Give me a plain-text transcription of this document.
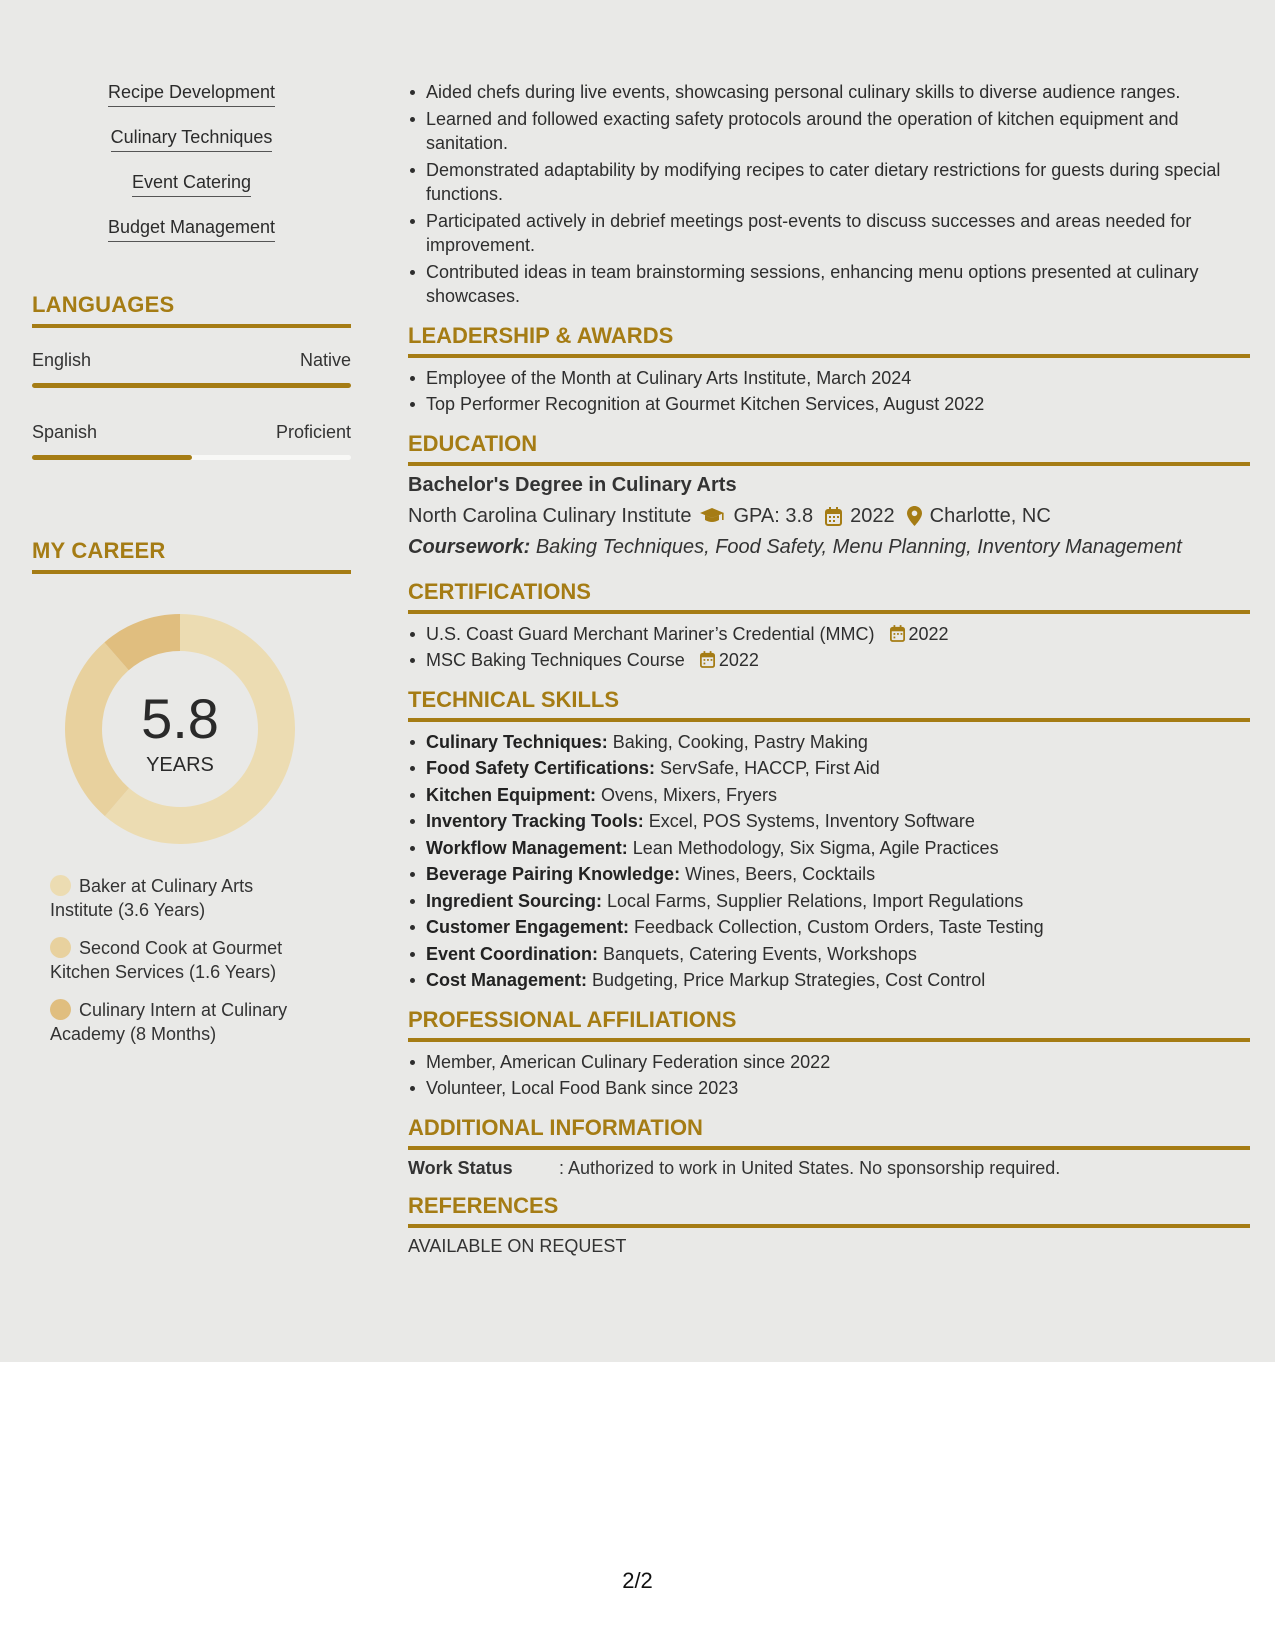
Recipe Development
Culinary Techniques
Event Catering
Budget Management
LANGUAGES
English	Native
Spanish	Proficient
MY CAREER
5.8
YEARS
Baker at Culinary Arts Institute (3.6 Years)
Second Cook at Gourmet Kitchen Services (1.6 Years)
Culinary Intern at Culinary Academy (8 Months)
Aided chefs during live events, showcasing personal culinary skills to diverse audience ranges.
Learned and followed exacting safety protocols around the operation of kitchen equipment and sanitation.
Demonstrated adaptability by modifying recipes to cater dietary restrictions for guests during special functions.
Participated actively in debrief meetings post-events to discuss successes and areas needed for improvement.
Contributed ideas in team brainstorming sessions, enhancing menu options presented at culinary showcases.
LEADERSHIP & AWARDS
Employee of the Month at Culinary Arts Institute, March 2024
Top Performer Recognition at Gourmet Kitchen Services, August 2022
EDUCATION
Bachelor's Degree in Culinary Arts
North Carolina Culinary Institute GPA: 3.8 2022 Charlotte, NC
Coursework: Baking Techniques, Food Safety, Menu Planning, Inventory Management
CERTIFICATIONS
U.S. Coast Guard Merchant Mariner’s Credential (MMC) 2022
MSC Baking Techniques Course 2022
TECHNICAL SKILLS
Culinary Techniques: Baking, Cooking, Pastry Making
Food Safety Certifications: ServSafe, HACCP, First Aid
Kitchen Equipment: Ovens, Mixers, Fryers
Inventory Tracking Tools: Excel, POS Systems, Inventory Software
Workflow Management: Lean Methodology, Six Sigma, Agile Practices
Beverage Pairing Knowledge: Wines, Beers, Cocktails
Ingredient Sourcing: Local Farms, Supplier Relations, Import Regulations
Customer Engagement: Feedback Collection, Custom Orders, Taste Testing
Event Coordination: Banquets, Catering Events, Workshops
Cost Management: Budgeting, Price Markup Strategies, Cost Control
PROFESSIONAL AFFILIATIONS
Member, American Culinary Federation since 2022
Volunteer, Local Food Bank since 2023
ADDITIONAL INFORMATION
Work Status	: Authorized to work in United States. No sponsorship required.
REFERENCES
AVAILABLE ON REQUEST
2/2
